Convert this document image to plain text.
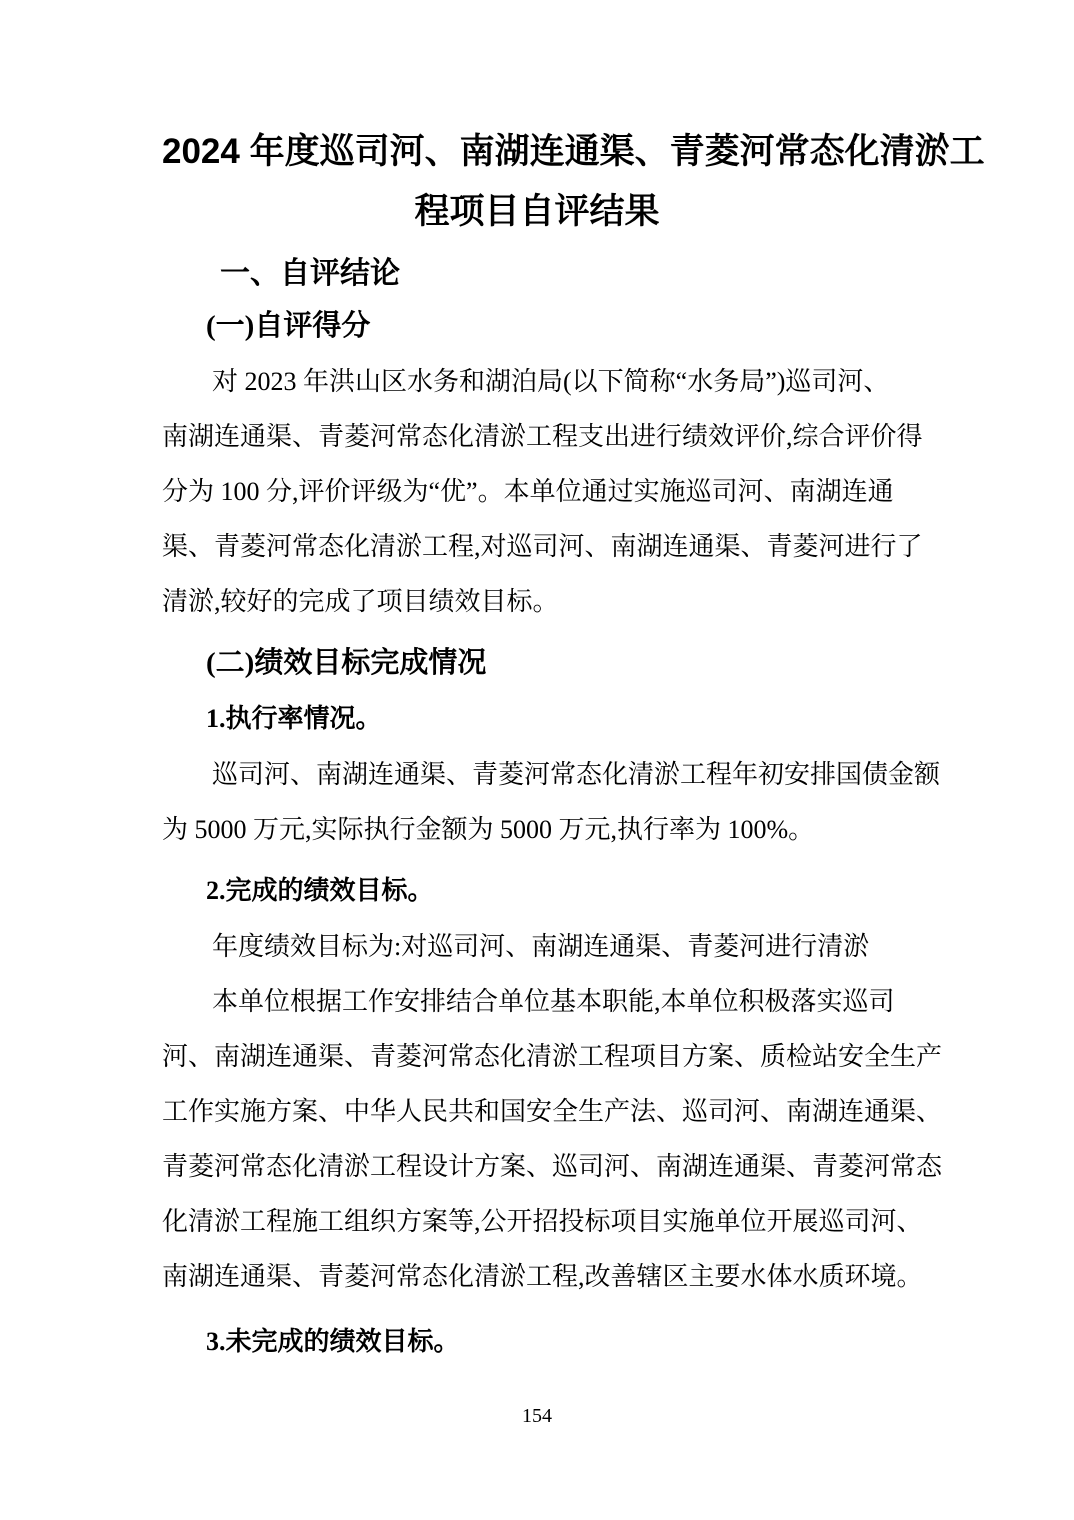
2024 年度巡司河、南湖连通渠、青菱河常态化清淤工
程项目自评结果
一、自评结论
(一)自评得分
对 2023 年洪山区水务和湖泊局(以下简称“水务局”)巡司河、
南湖连通渠、青菱河常态化清淤工程支出进行绩效评价,综合评价得
分为 100 分,评价评级为“优”。本单位通过实施巡司河、南湖连通
渠、青菱河常态化清淤工程,对巡司河、南湖连通渠、青菱河进行了
清淤,较好的完成了项目绩效目标。
(二)绩效目标完成情况
1.执行率情况。
巡司河、南湖连通渠、青菱河常态化清淤工程年初安排国债金额
为 5000 万元,实际执行金额为 5000 万元,执行率为 100%。
2.完成的绩效目标。
年度绩效目标为:对巡司河、南湖连通渠、青菱河进行清淤
本单位根据工作安排结合单位基本职能,本单位积极落实巡司
河、南湖连通渠、青菱河常态化清淤工程项目方案、质检站安全生产
工作实施方案、中华人民共和国安全生产法、巡司河、南湖连通渠、
青菱河常态化清淤工程设计方案、巡司河、南湖连通渠、青菱河常态
化清淤工程施工组织方案等,公开招投标项目实施单位开展巡司河、
南湖连通渠、青菱河常态化清淤工程,改善辖区主要水体水质环境。
3.未完成的绩效目标。
154
